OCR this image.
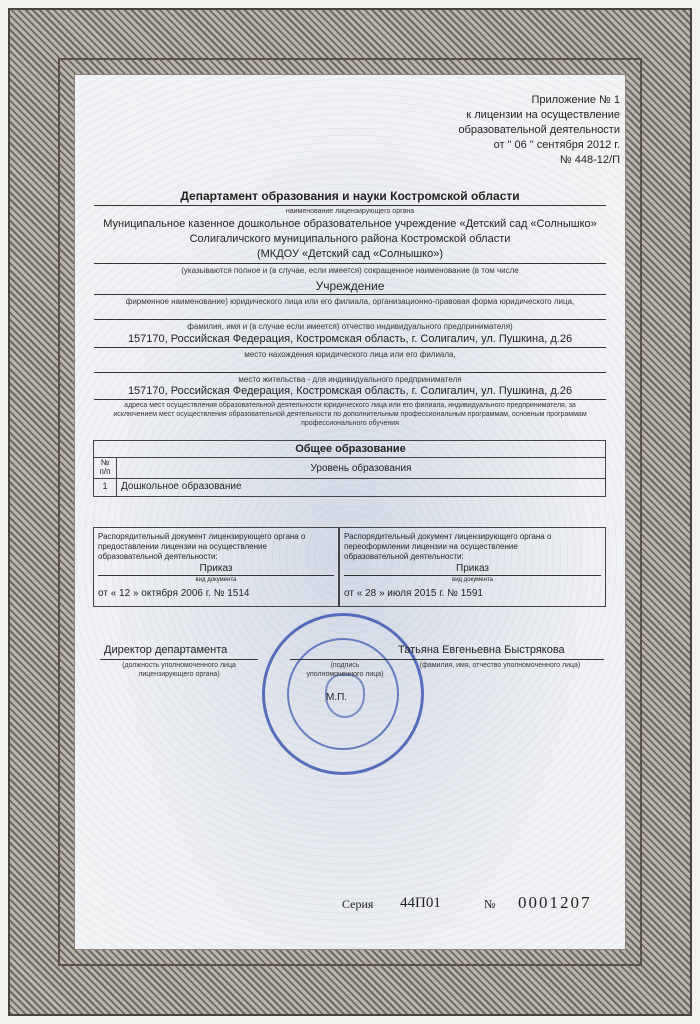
Приложение № 1
к лицензии на осуществление
образовательной деятельности
от " 06 " сентября 2012 г.
№ 448-12/П
Департамент образования и науки Костромской области
наименование лицензирующего органа
Муниципальное казенное дошкольное образовательное учреждение «Детский сад «Солнышко»
Солигаличского муниципального района Костромской области
(МКДОУ «Детский сад «Солнышко»)
(указываются полное и (в случае, если имеется) сокращенное наименование (в том числе
Учреждение
фирменное наименование) юридического лица или его филиала, организационно-правовая форма юридического лица,
фамилия, имя и (в случае если имеется) отчество индивидуального предпринимателя)
157170, Российская Федерация, Костромская область, г. Солигалич, ул. Пушкина, д.26
место нахождения юридического лица или его филиала,
место жительства - для индивидуального предпринимателя
157170, Российская Федерация, Костромская область, г. Солигалич, ул. Пушкина, д.26
адреса мест осуществления образовательной деятельности юридического лица или его филиала, индивидуального предпринимателя, за
исключением мест осуществления образовательной деятельности по дополнительным профессиональным программам, основным программам
профессионального обучения
Общее образование
№
п/п	Уровень образования
1	Дошкольное образование
Распорядительный документ лицензирующего органа о
предоставлении лицензии на осуществление
образовательной деятельности:
Приказ
вид документа
от « 12 » октября 2006 г. № 1514
Распорядительный документ лицензирующего органа о
переоформлении лицензии на осуществление
образовательной деятельности:
Приказ
вид документа
от « 28 » июля 2015 г. № 1591
Директор департамента
(должность уполномоченного лица
лицензирующего органа)
(подпись
уполномоченного лица)
М.П.
Татьяна Евгеньевна Быстрякова
(фамилия, имя, отчество уполномоченного лица)
Серия 44П01	№ 0001207
